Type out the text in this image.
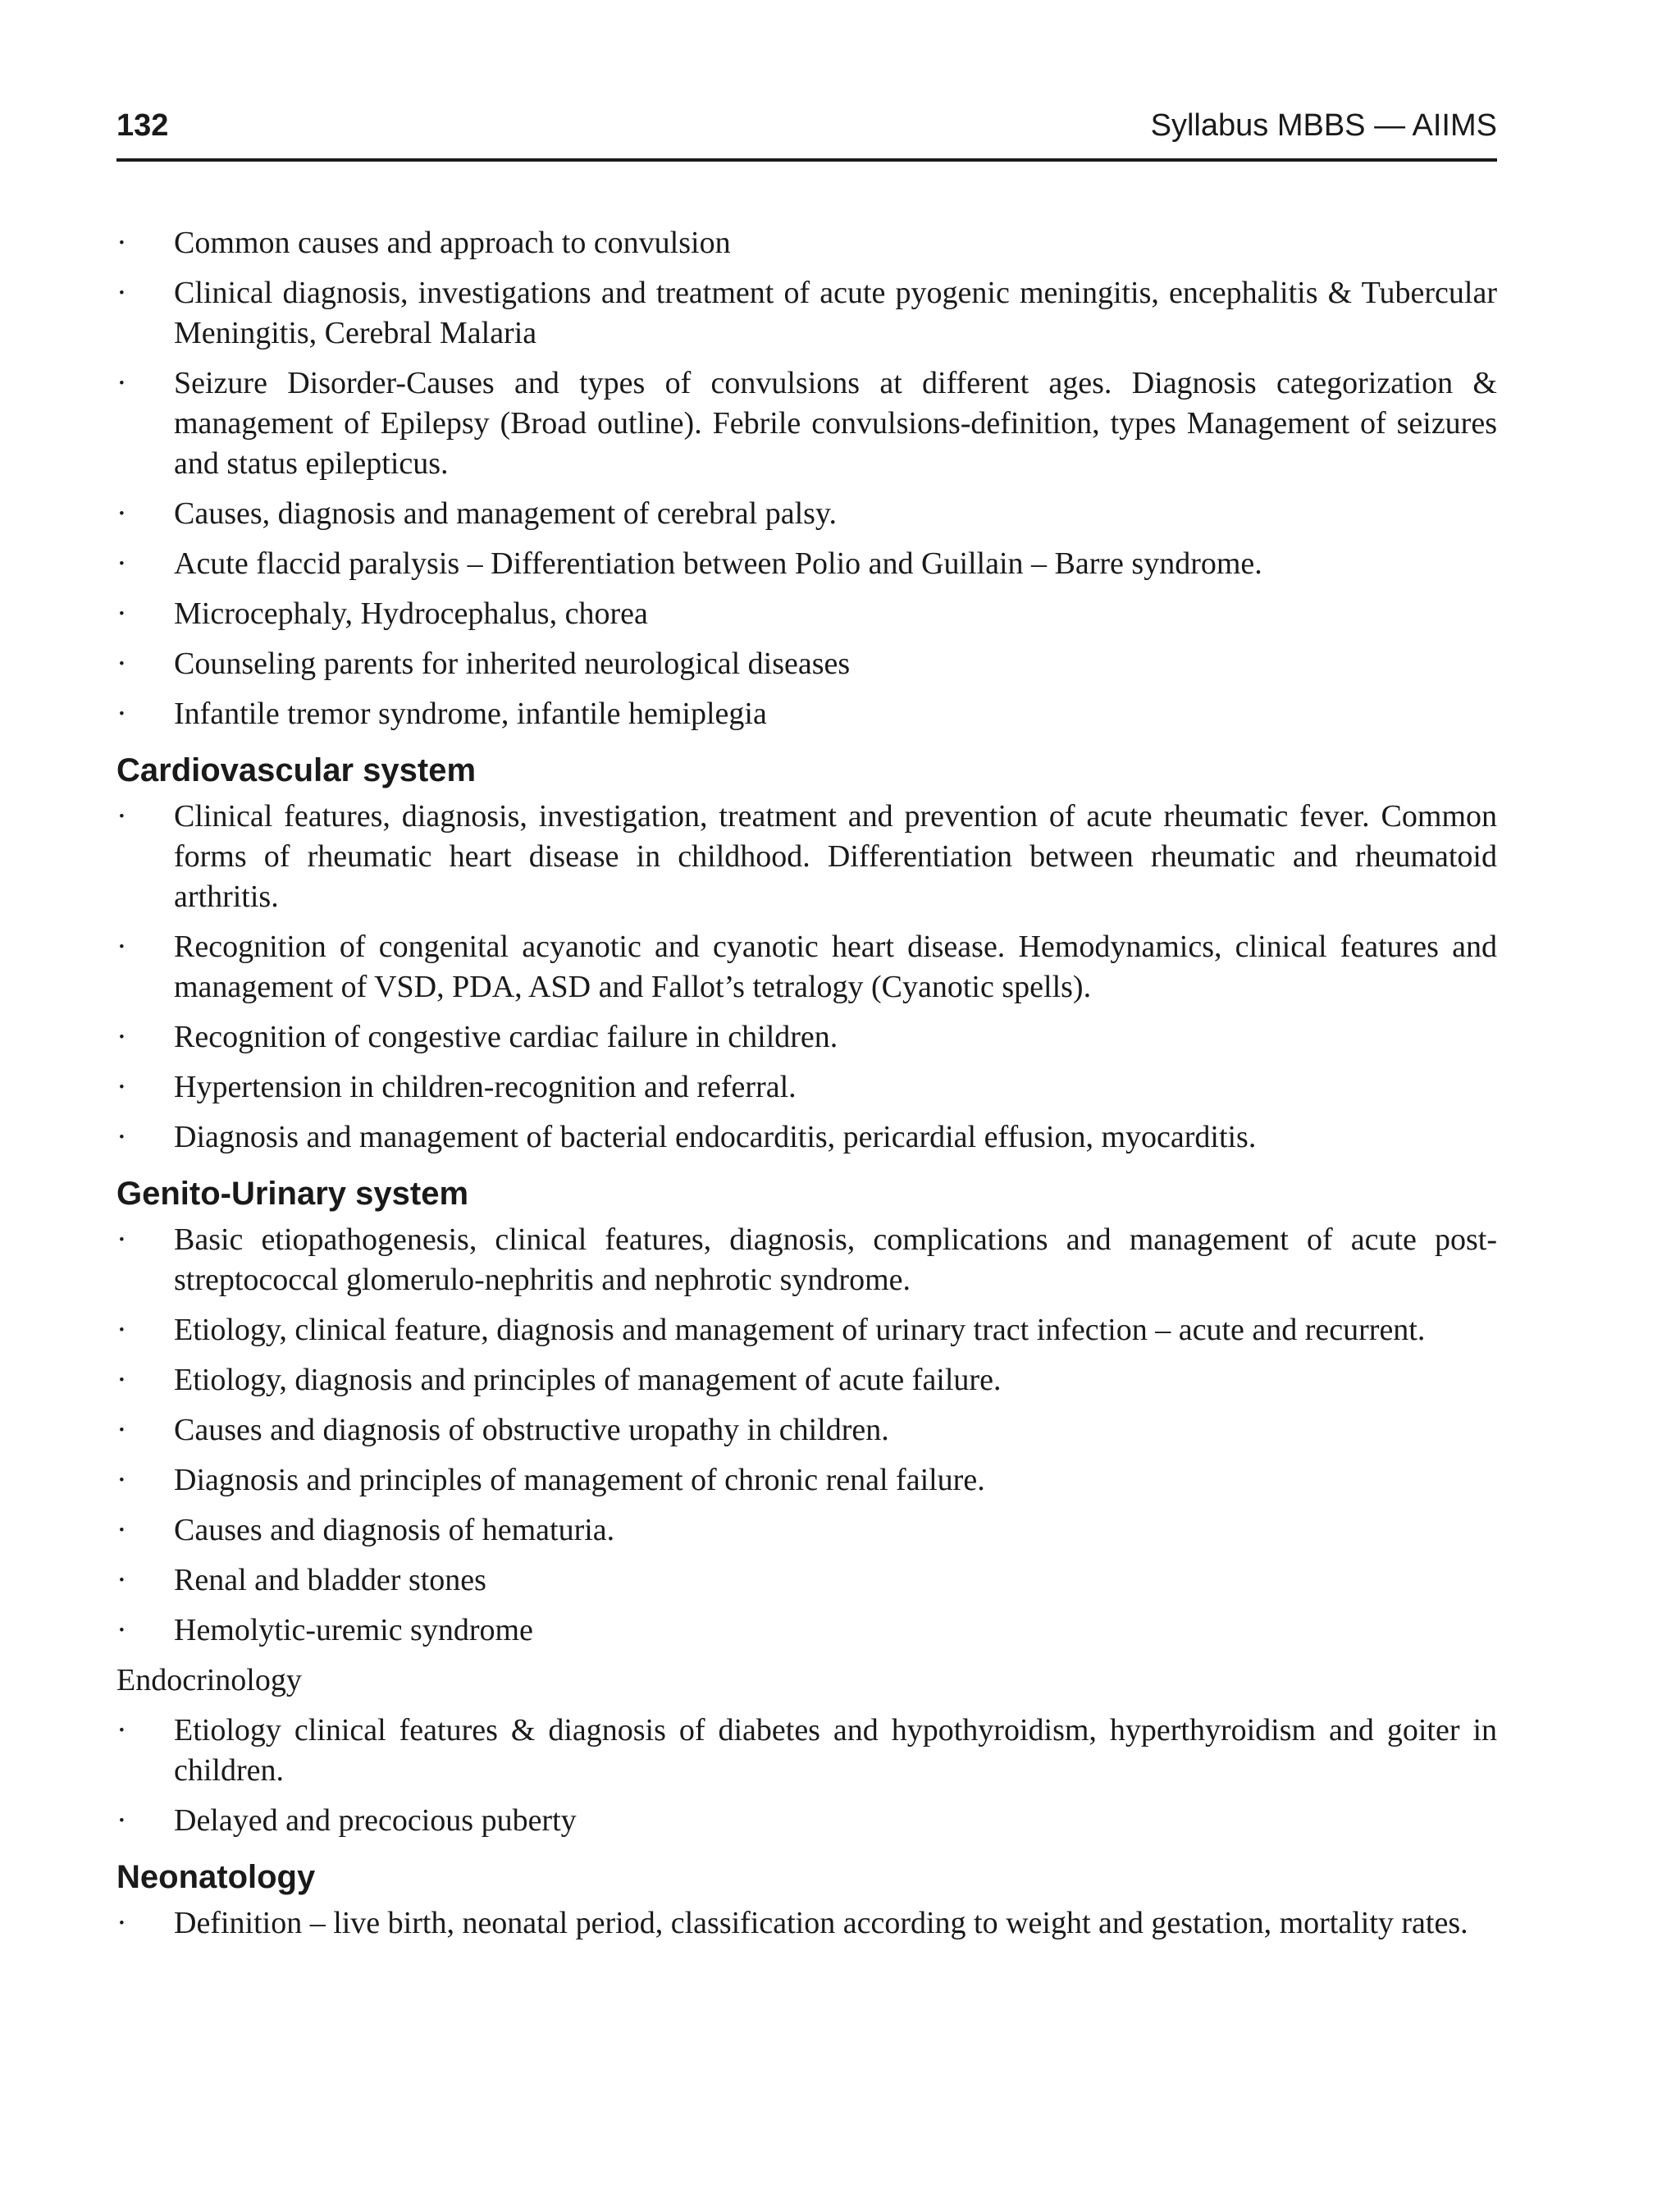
132	Syllabus MBBS — AIIMS
· Common causes and approach to convulsion
· Clinical diagnosis, investigations and treatment of acute pyogenic meningitis, encephalitis & Tubercular Meningitis, Cerebral Malaria
· Seizure Disorder-Causes and types of convulsions at different ages. Diagnosis categorization & management of Epilepsy (Broad outline). Febrile convulsions-definition, types Management of seizures and status epilepticus.
· Causes, diagnosis and management of cerebral palsy.
· Acute flaccid paralysis – Differentiation between Polio and Guillain – Barre syndrome.
· Microcephaly, Hydrocephalus, chorea
· Counseling parents for inherited neurological diseases
· Infantile tremor syndrome, infantile hemiplegia
Cardiovascular system
· Clinical features, diagnosis, investigation, treatment and prevention of acute rheumatic fever. Common forms of rheumatic heart disease in childhood. Differentiation between rheumatic and rheumatoid arthritis.
· Recognition of congenital acyanotic and cyanotic heart disease. Hemodynamics, clinical features and management of VSD, PDA, ASD and Fallot’s tetralogy (Cyanotic spells).
· Recognition of congestive cardiac failure in children.
· Hypertension in children-recognition and referral.
· Diagnosis and management of bacterial endocarditis, pericardial effusion, myocarditis.
Genito-Urinary system
· Basic etiopathogenesis, clinical features, diagnosis, complications and management of acute post-streptococcal glomerulo-nephritis and nephrotic syndrome.
· Etiology, clinical feature, diagnosis and management of urinary tract infection – acute and recurrent.
· Etiology, diagnosis and principles of management of acute failure.
· Causes and diagnosis of obstructive uropathy in children.
· Diagnosis and principles of management of chronic renal failure.
· Causes and diagnosis of hematuria.
· Renal and bladder stones
· Hemolytic-uremic syndrome
Endocrinology
· Etiology clinical features & diagnosis of diabetes and hypothyroidism, hyperthyroidism and goiter in children.
· Delayed and precocious puberty
Neonatology
· Definition – live birth, neonatal period, classification according to weight and gestation, mortality rates.
